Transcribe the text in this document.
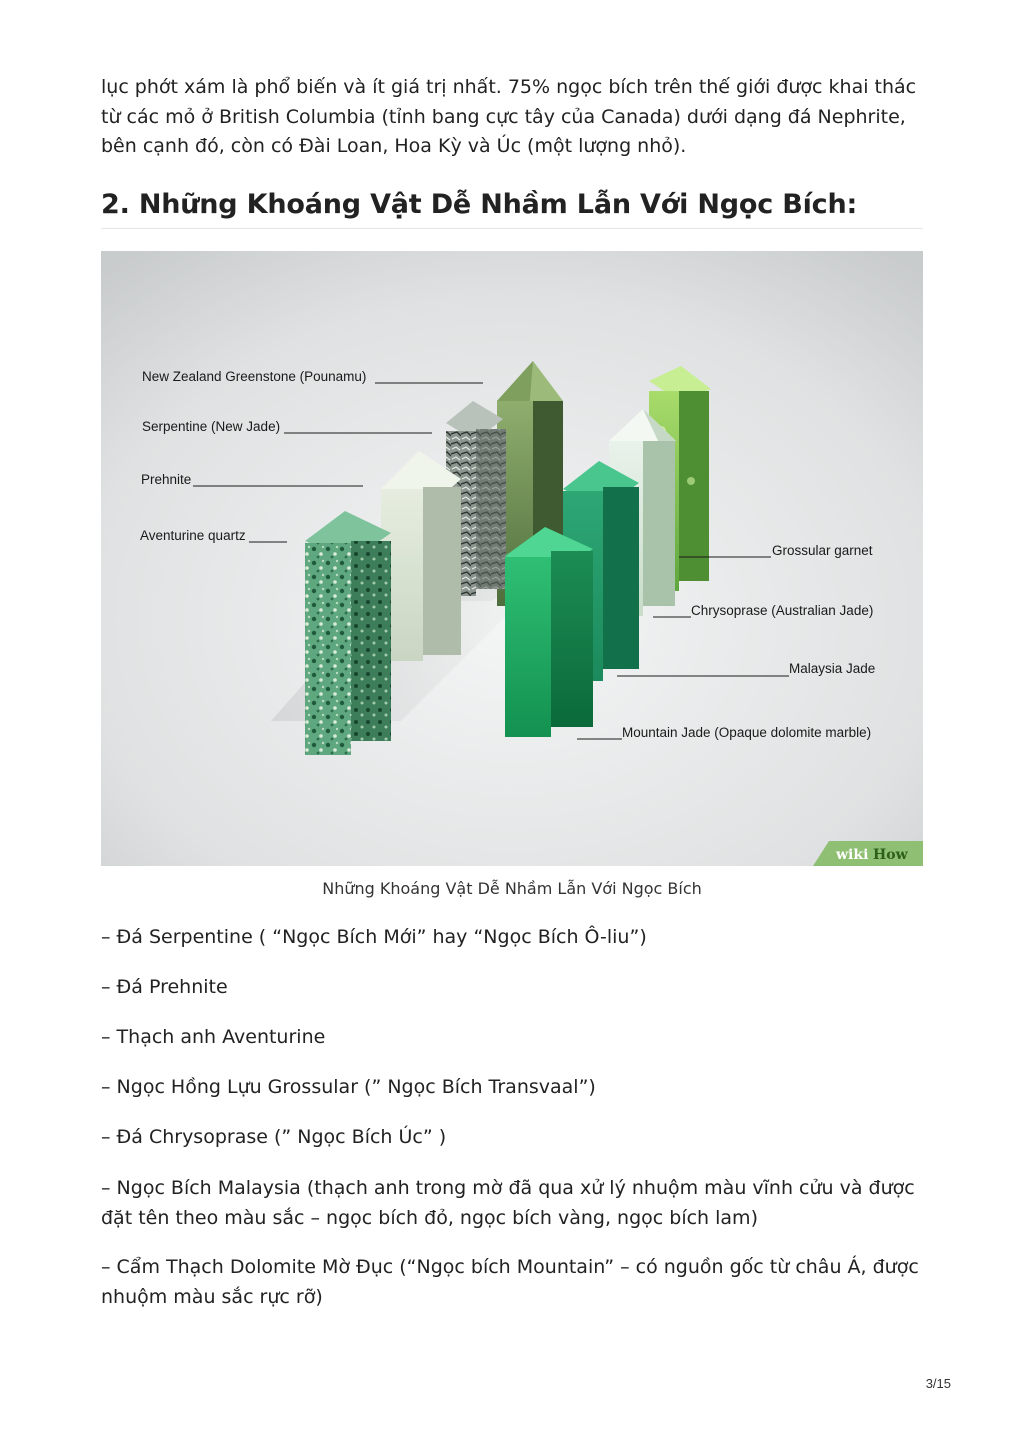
lục phớt xám là phổ biến và ít giá trị nhất. 75% ngọc bích trên thế giới được khai thác từ các mỏ ở British Columbia (tỉnh bang cực tây của Canada) dưới dạng đá Nephrite, bên cạnh đó, còn có Đài Loan, Hoa Kỳ và Úc (một lượng nhỏ).

2. Những Khoáng Vật Dễ Nhầm Lẫn Với Ngọc Bích:
New Zealand Greenstone (Pounamu)
Serpentine (New Jade)
Prehnite
Aventurine quartz
Grossular garnet
Chrysoprase (Australian Jade)
Malaysia Jade
Mountain Jade (Opaque dolomite marble)
wiki How
Những Khoáng Vật Dễ Nhầm Lẫn Với Ngọc Bích

– Đá Serpentine ( “Ngọc Bích Mới” hay “Ngọc Bích Ô-liu”)

– Đá Prehnite

– Thạch anh Aventurine

– Ngọc Hồng Lựu Grossular (” Ngọc Bích Transvaal”)

– Đá Chrysoprase (” Ngọc Bích Úc” )

– Ngọc Bích Malaysia (thạch anh trong mờ đã qua xử lý nhuộm màu vĩnh cửu và được đặt tên theo màu sắc – ngọc bích đỏ, ngọc bích vàng, ngọc bích lam)

– Cẩm Thạch Dolomite Mờ Đục (“Ngọc bích Mountain” – có nguồn gốc từ châu Á, được nhuộm màu sắc rực rỡ)

3/15
